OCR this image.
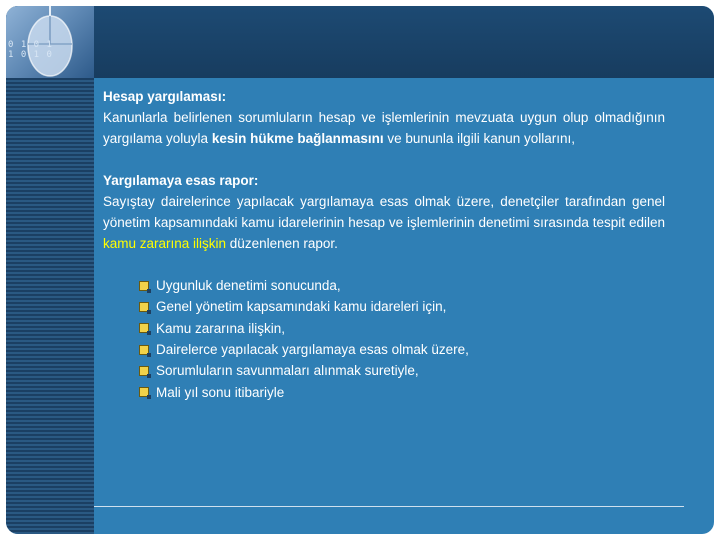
0 1 0 1
1 0 1 0
Hesap yargılaması:

Kanunlarla belirlenen sorumluların hesap ve işlemlerinin mevzuata uygun olup olmadığının yargılama yoluyla kesin hükme bağlanmasını ve bununla ilgili kanun yollarını,

Yargılamaya esas rapor:

Sayıştay dairelerince yapılacak yargılamaya esas olmak üzere, denetçiler tarafından genel yönetim kapsamındaki kamu idarelerinin hesap ve işlemlerinin denetimi sırasında tespit edilen kamu zararına ilişkin düzenlenen rapor.

Uygunluk denetimi sonucunda,
Genel yönetim kapsamındaki kamu idareleri için,
Kamu zararına ilişkin,
Dairelerce yapılacak yargılamaya esas olmak üzere,
Sorumluların savunmaları alınmak suretiyle,
Mali yıl sonu itibariyle
